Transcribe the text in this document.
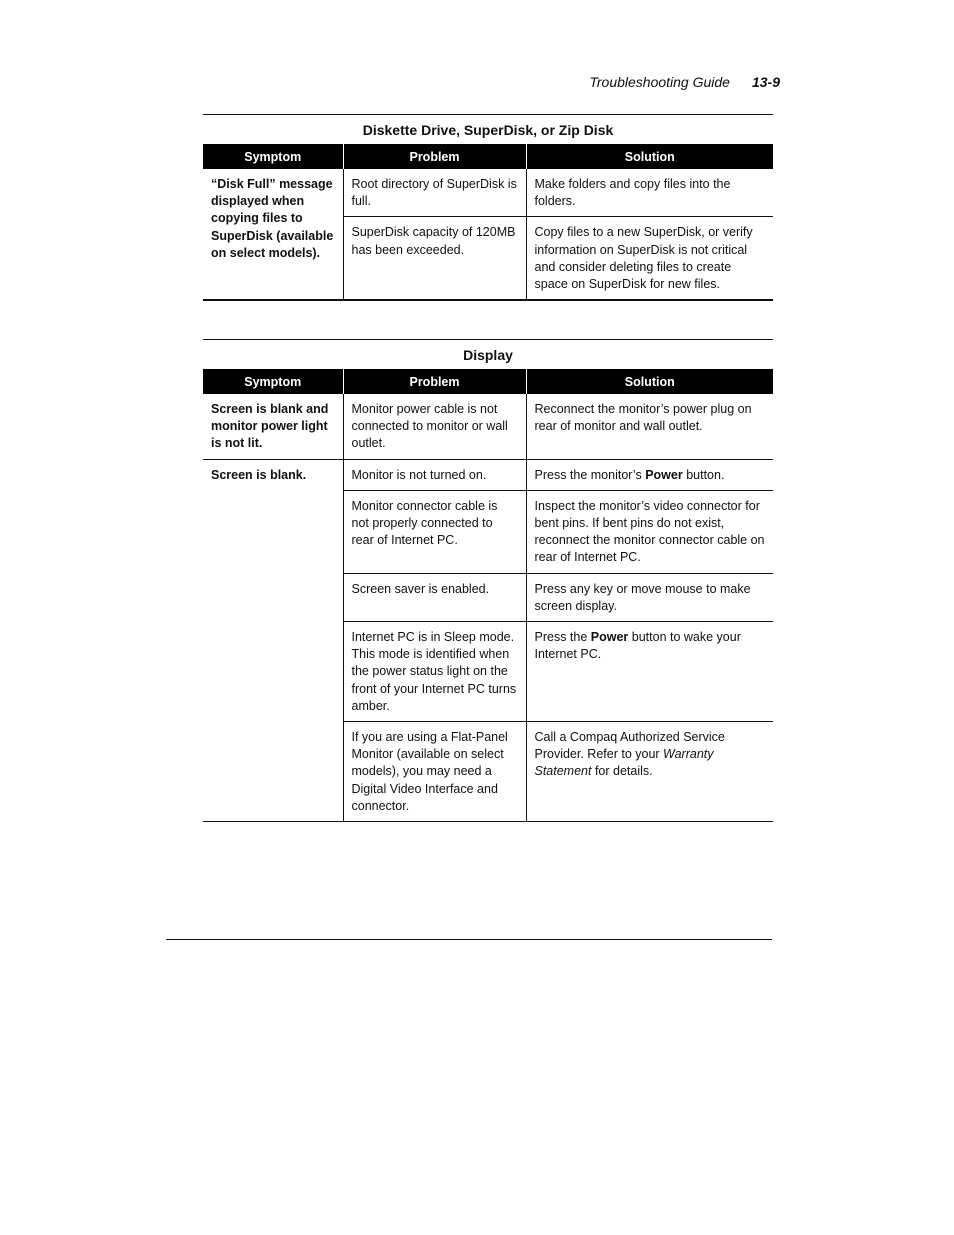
Troubleshooting Guide 13-9
Diskette Drive, SuperDisk, or Zip Disk
Symptom	Problem	Solution
“Disk Full” message displayed when copying files to SuperDisk (available on select models).	Root directory of SuperDisk is full.	Make folders and copy files into the folders.
	SuperDisk capacity of 120MB has been exceeded.	Copy files to a new SuperDisk, or verify information on SuperDisk is not critical and consider deleting files to create space on SuperDisk for new files.
Display
Symptom	Problem	Solution
Screen is blank and monitor power light is not lit.	Monitor power cable is not connected to monitor or wall outlet.	Reconnect the monitor’s power plug on rear of monitor and wall outlet.
Screen is blank.	Monitor is not turned on.	Press the monitor’s Power button.
	Monitor connector cable is not properly connected to rear of Internet PC.	Inspect the monitor’s video connector for bent pins. If bent pins do not exist, reconnect the monitor connector cable on rear of Internet PC.
	Screen saver is enabled.	Press any key or move mouse to make screen display.
	Internet PC is in Sleep mode. This mode is identified when the power status light on the front of your Internet PC turns amber.	Press the Power button to wake your Internet PC.
	If you are using a Flat-Panel Monitor (available on select models), you may need a Digital Video Interface and connector.	Call a Compaq Authorized Service Provider. Refer to your Warranty Statement for details.
